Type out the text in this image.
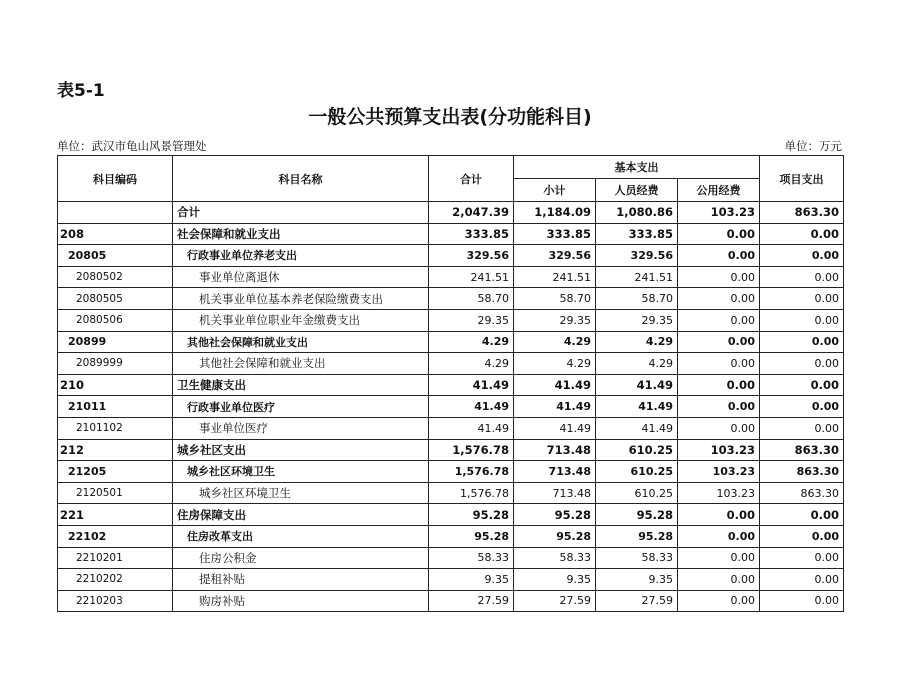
表5-1
一般公共预算支出表(分功能科目)
单位：武汉市龟山风景管理处	单位：万元
科目编码	科目名称	合计	基本支出			项目支出
			小计	人员经费	公用经费	
	合计	2,047.39	1,184.09	1,080.86	103.23	863.30
208	社会保障和就业支出	333.85	333.85	333.85	0.00	0.00
20805	行政事业单位养老支出	329.56	329.56	329.56	0.00	0.00
2080502	事业单位离退休	241.51	241.51	241.51	0.00	0.00
2080505	机关事业单位基本养老保险缴费支出	58.70	58.70	58.70	0.00	0.00
2080506	机关事业单位职业年金缴费支出	29.35	29.35	29.35	0.00	0.00
20899	其他社会保障和就业支出	4.29	4.29	4.29	0.00	0.00
2089999	其他社会保障和就业支出	4.29	4.29	4.29	0.00	0.00
210	卫生健康支出	41.49	41.49	41.49	0.00	0.00
21011	行政事业单位医疗	41.49	41.49	41.49	0.00	0.00
2101102	事业单位医疗	41.49	41.49	41.49	0.00	0.00
212	城乡社区支出	1,576.78	713.48	610.25	103.23	863.30
21205	城乡社区环境卫生	1,576.78	713.48	610.25	103.23	863.30
2120501	城乡社区环境卫生	1,576.78	713.48	610.25	103.23	863.30
221	住房保障支出	95.28	95.28	95.28	0.00	0.00
22102	住房改革支出	95.28	95.28	95.28	0.00	0.00
2210201	住房公积金	58.33	58.33	58.33	0.00	0.00
2210202	提租补贴	9.35	9.35	9.35	0.00	0.00
2210203	购房补贴	27.59	27.59	27.59	0.00	0.00
